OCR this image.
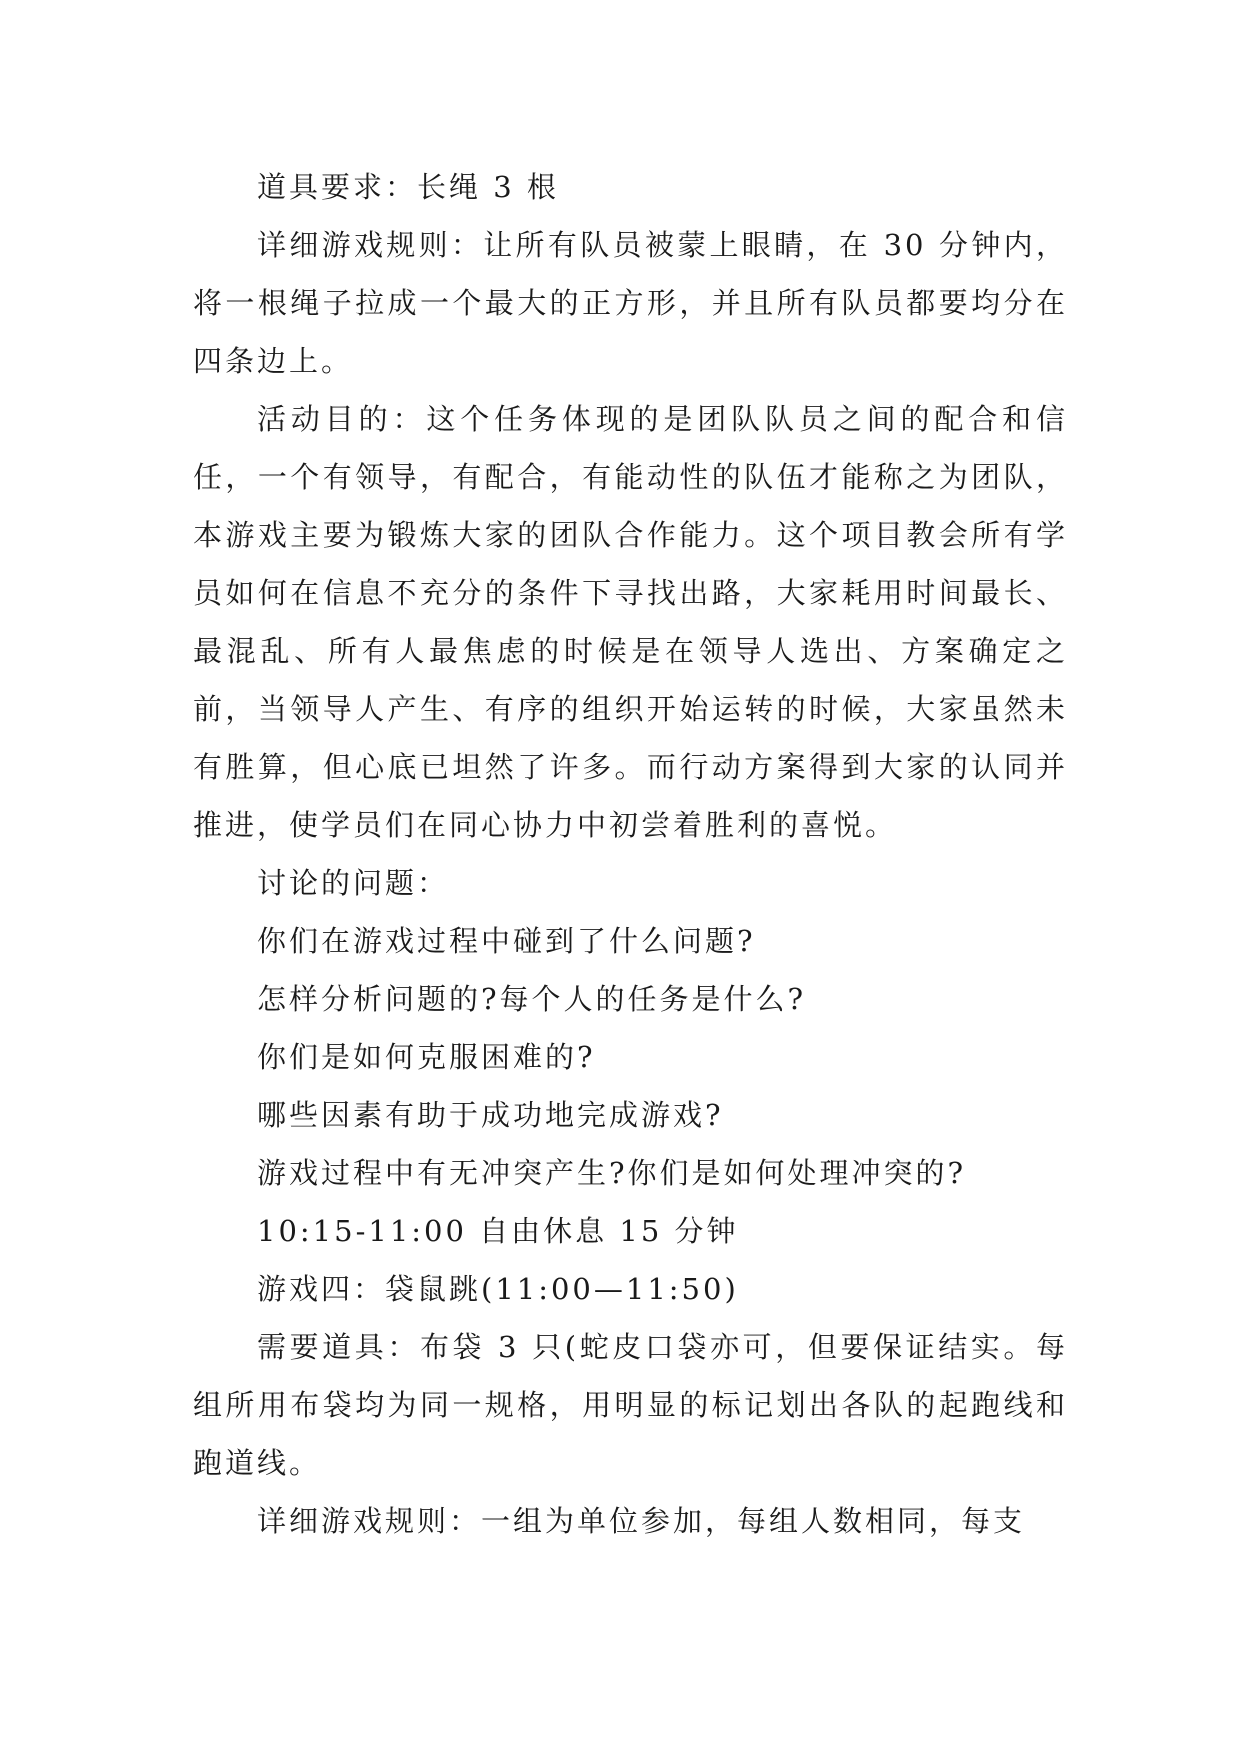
道具要求：长绳 3 根

详细游戏规则：让所有队员被蒙上眼睛，在 30 分钟内，将一根绳子拉成一个最大的正方形，并且所有队员都要均分在四条边上。

活动目的：这个任务体现的是团队队员之间的配合和信任，一个有领导，有配合，有能动性的队伍才能称之为团队，本游戏主要为锻炼大家的团队合作能力。这个项目教会所有学员如何在信息不充分的条件下寻找出路，大家耗用时间最长、最混乱、所有人最焦虑的时候是在领导人选出、方案确定之前，当领导人产生、有序的组织开始运转的时候，大家虽然未有胜算，但心底已坦然了许多。而行动方案得到大家的认同并推进，使学员们在同心协力中初尝着胜利的喜悦。

讨论的问题：

你们在游戏过程中碰到了什么问题?

怎样分析问题的?每个人的任务是什么?

你们是如何克服困难的?

哪些因素有助于成功地完成游戏?

游戏过程中有无冲突产生?你们是如何处理冲突的?

10:15-11:00 自由休息 15 分钟

游戏四：袋鼠跳(11:00—11:50)

需要道具：布袋 3 只(蛇皮口袋亦可，但要保证结实。每组所用布袋均为同一规格，用明显的标记划出各队的起跑线和跑道线。

详细游戏规则：一组为单位参加，每组人数相同，每支
